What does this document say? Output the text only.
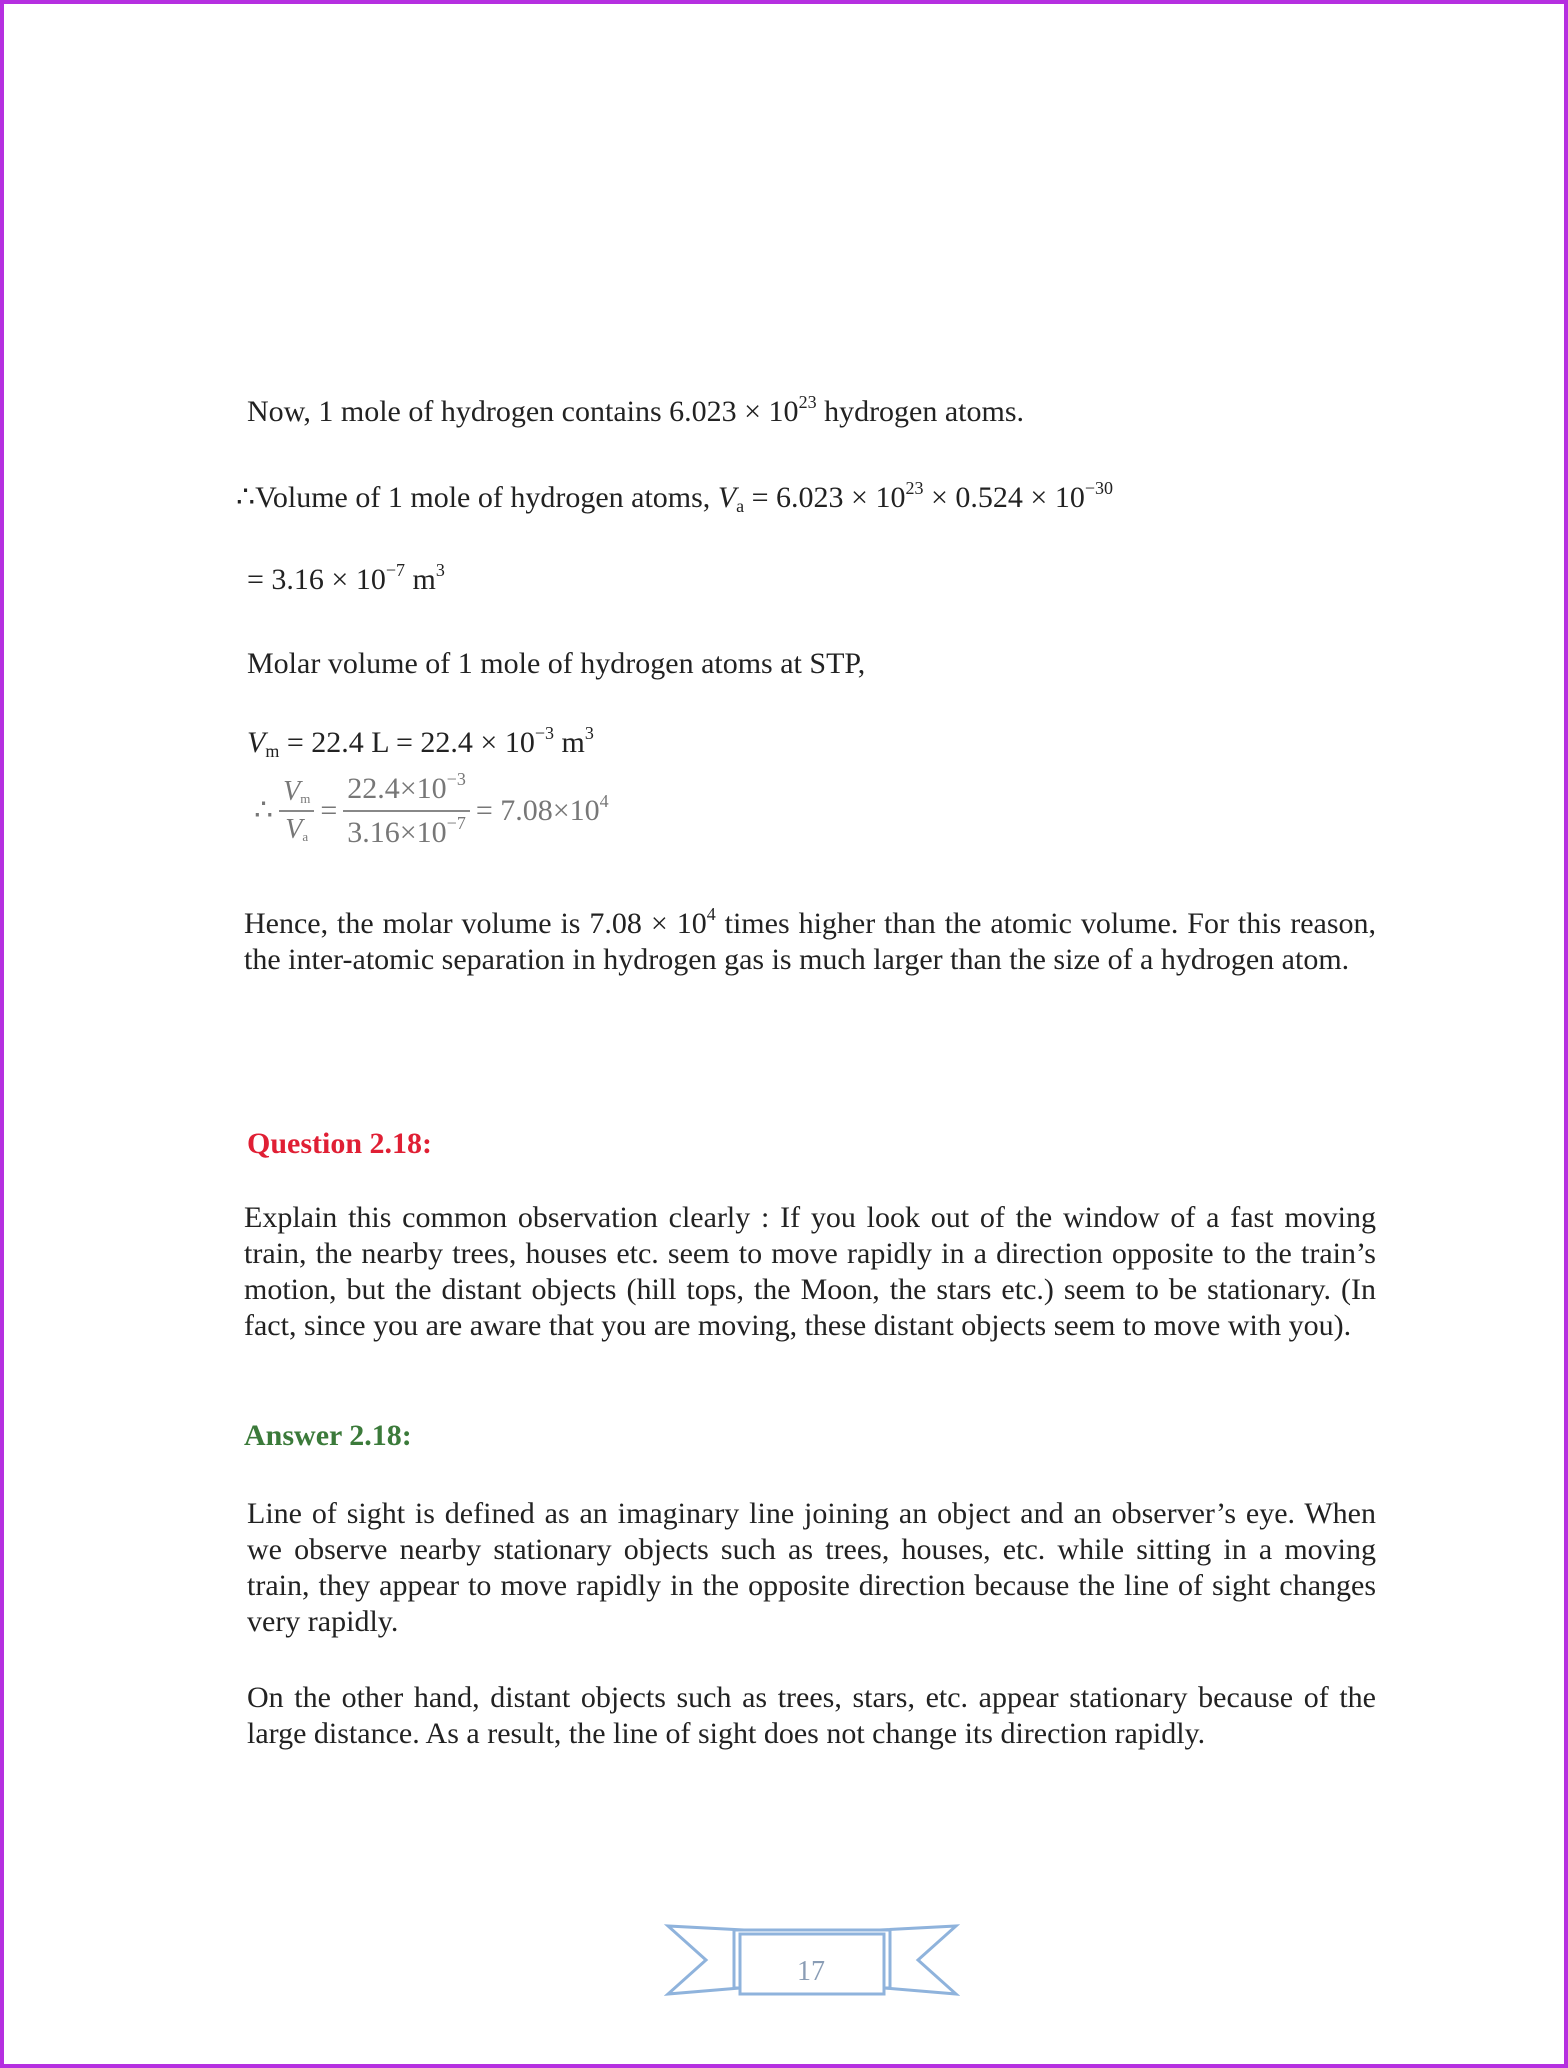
Now, 1 mole of hydrogen contains $6.023 \times 10^{23}$ hydrogen atoms.

∴Volume of 1 mole of hydrogen atoms, $V_a = 6.023 \times 10^{23} \times 0.524 \times 10^{-30}$

= $3.16 \times 10^{-7}$ $m^3$

Molar volume of 1 mole of hydrogen atoms at STP,

$V_m = 22.4$ $L = 22.4 \times 10^{-3}$ $m^3$

∴ $\frac{V_m}{V_a} = \frac{22.4\times 10^{-3}}{3.16\times 10^{-7}} = 7.08\times 10^4$

Hence, the molar volume is $7.08 \times 10^4$ times higher than the atomic volume. For this reason, the inter-atomic separation in hydrogen gas is much larger than the size of a hydrogen atom.

Question 2.18:

Explain this common observation clearly : If you look out of the window of a fast moving train, the nearby trees, houses etc. seem to move rapidly in a direction opposite to the train’s motion, but the distant objects (hill tops, the Moon, the stars etc.) seem to be stationary. (In fact, since you are aware that you are moving, these distant objects seem to move with you).

Answer 2.18:

Line of sight is defined as an imaginary line joining an object and an observer’s eye. When we observe nearby stationary objects such as trees, houses, etc. while sitting in a moving train, they appear to move rapidly in the opposite direction because the line of sight changes very rapidly.

On the other hand, distant objects such as trees, stars, etc. appear stationary because of the large distance. As a result, the line of sight does not change its direction rapidly.

17
